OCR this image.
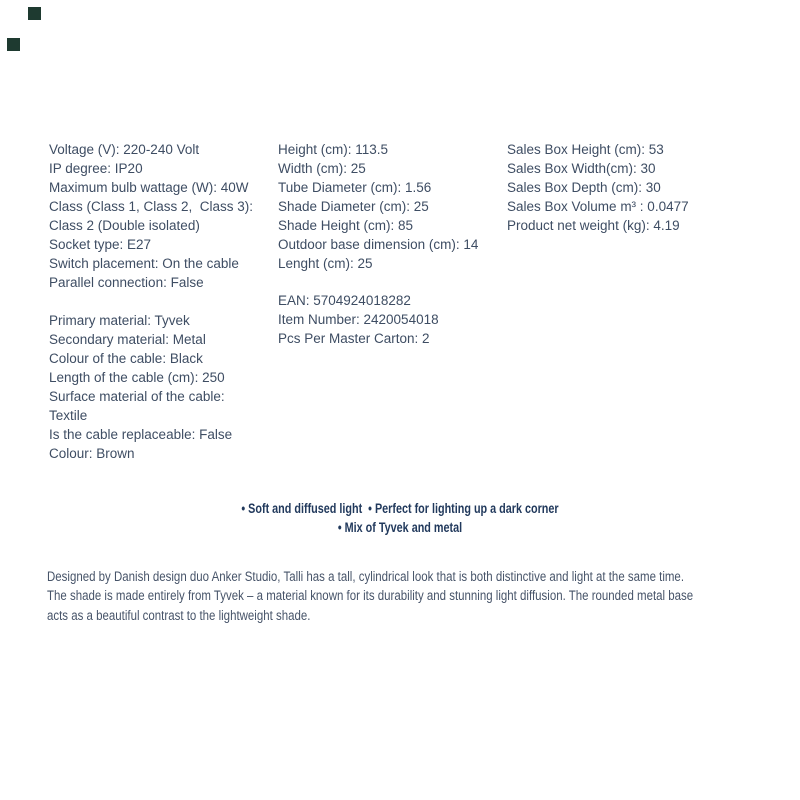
Voltage (V): 220-240 Volt
IP degree: IP20
Maximum bulb wattage (W): 40W
Class (Class 1, Class 2,  Class 3):
Class 2 (Double isolated)
Socket type: E27
Switch placement: On the cable
Parallel connection: False
Primary material: Tyvek
Secondary material: Metal
Colour of the cable: Black
Length of the cable (cm): 250
Surface material of the cable:
Textile
Is the cable replaceable: False
Colour: Brown
Height (cm): 113.5
Width (cm): 25
Tube Diameter (cm): 1.56
Shade Diameter (cm): 25
Shade Height (cm): 85
Outdoor base dimension (cm): 14
Lenght (cm): 25
EAN: 5704924018282
Item Number: 2420054018
Pcs Per Master Carton: 2
Sales Box Height (cm): 53
Sales Box Width(cm): 30
Sales Box Depth (cm): 30
Sales Box Volume m³ : 0.0477
Product net weight (kg): 4.19
• Soft and diffused light  • Perfect for lighting up a dark corner
• Mix of Tyvek and metal
Designed by Danish design duo Anker Studio, Talli has a tall, cylindrical look that is both distinctive and light at the same time.
The shade is made entirely from Tyvek – a material known for its durability and stunning light diffusion. The rounded metal base
acts as a beautiful contrast to the lightweight shade.
